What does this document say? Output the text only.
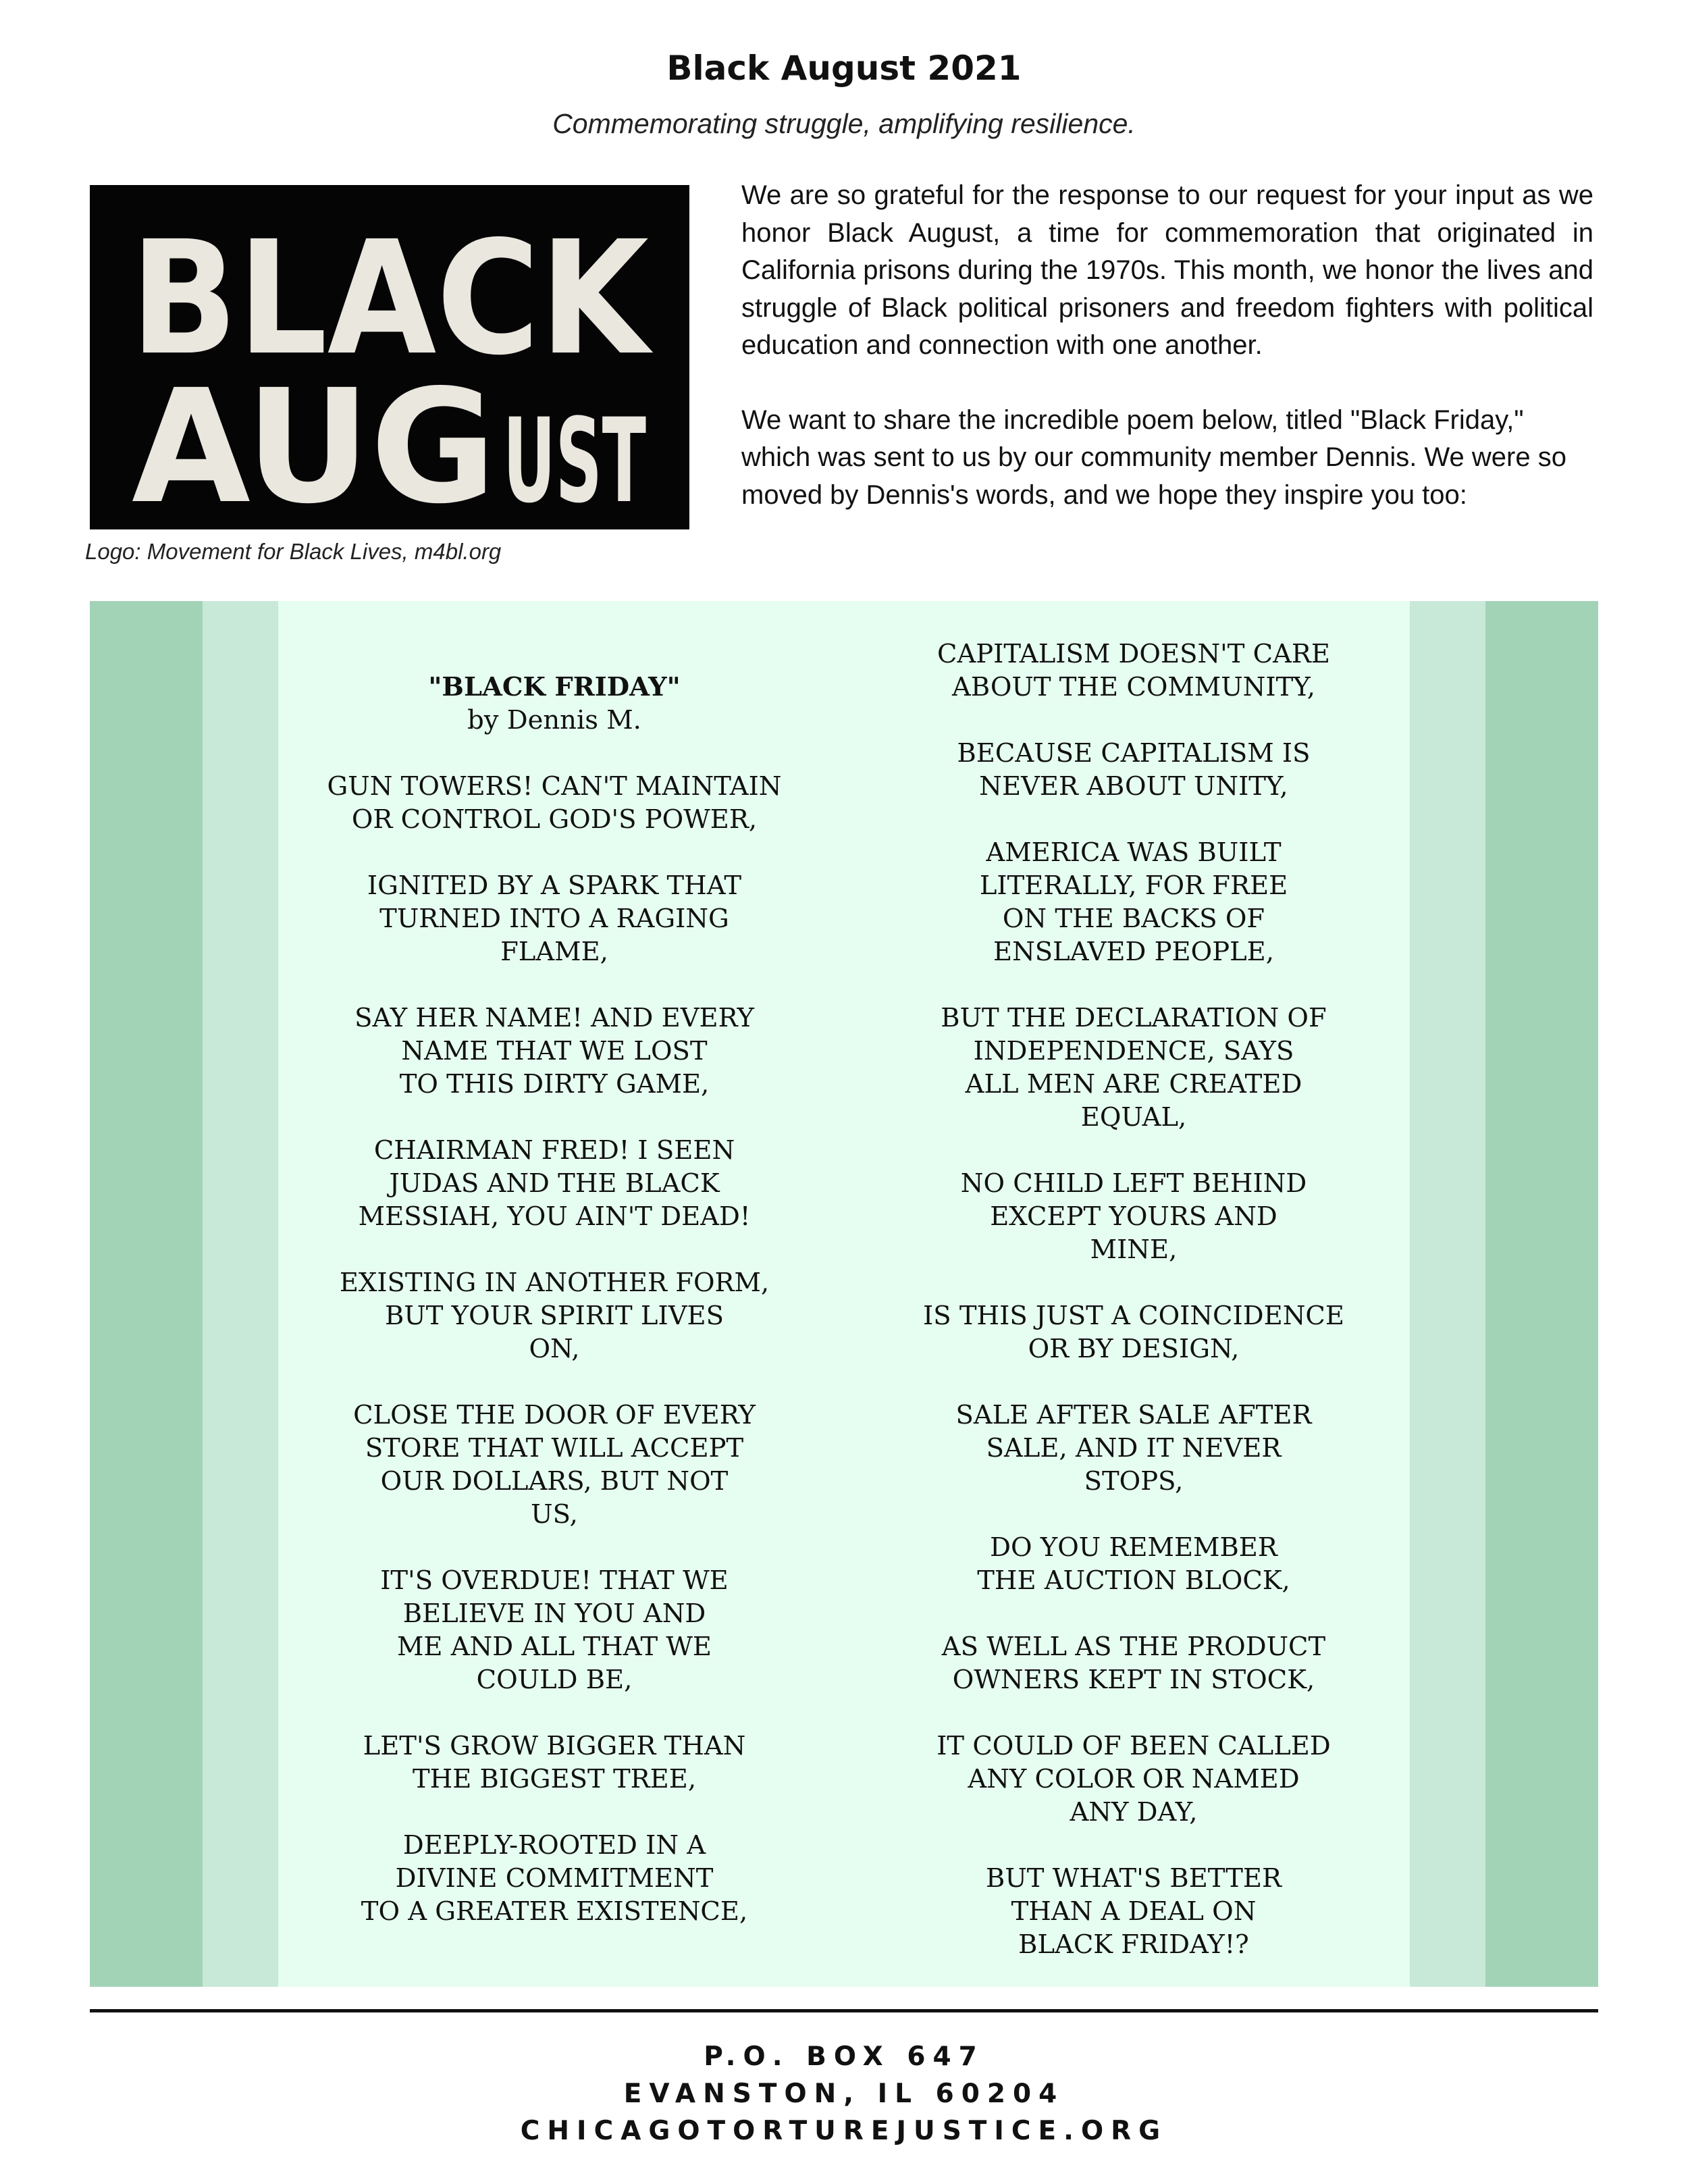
Black August 2021
Commemorating struggle, amplifying resilience.
BLACK
AUG UST
Logo: Movement for Black Lives, m4bl.org

We are so grateful for the response to our request for your input as we honor Black August, a time for commemoration that originated in California prisons during the 1970s. This month, we honor the lives and struggle of Black political prisoners and freedom fighters with political education and connection with one another.

We want to share the incredible poem below, titled "Black Friday," which was sent to us by our community member Dennis. We were so moved by Dennis's words, and we hope they inspire you too:

"BLACK FRIDAY"
by Dennis M.
GUN TOWERS! CAN'T MAINTAIN
OR CONTROL GOD'S POWER,
IGNITED BY A SPARK THAT
TURNED INTO A RAGING
FLAME,
SAY HER NAME! AND EVERY
NAME THAT WE LOST
TO THIS DIRTY GAME,
CHAIRMAN FRED! I SEEN
JUDAS AND THE BLACK
MESSIAH, YOU AIN'T DEAD!
EXISTING IN ANOTHER FORM,
BUT YOUR SPIRIT LIVES
ON,
CLOSE THE DOOR OF EVERY
STORE THAT WILL ACCEPT
OUR DOLLARS, BUT NOT
US,
IT'S OVERDUE! THAT WE
BELIEVE IN YOU AND
ME AND ALL THAT WE
COULD BE,
LET'S GROW BIGGER THAN
THE BIGGEST TREE,
DEEPLY-ROOTED IN A
DIVINE COMMITMENT
TO A GREATER EXISTENCE,
CAPITALISM DOESN'T CARE
ABOUT THE COMMUNITY,
BECAUSE CAPITALISM IS
NEVER ABOUT UNITY,
AMERICA WAS BUILT
LITERALLY, FOR FREE
ON THE BACKS OF
ENSLAVED PEOPLE,
BUT THE DECLARATION OF
INDEPENDENCE, SAYS
ALL MEN ARE CREATED
EQUAL,
NO CHILD LEFT BEHIND
EXCEPT YOURS AND
MINE,
IS THIS JUST A COINCIDENCE
OR BY DESIGN,
SALE AFTER SALE AFTER
SALE, AND IT NEVER
STOPS,
DO YOU REMEMBER
THE AUCTION BLOCK,
AS WELL AS THE PRODUCT
OWNERS KEPT IN STOCK,
IT COULD OF BEEN CALLED
ANY COLOR OR NAMED
ANY DAY,
BUT WHAT'S BETTER
THAN A DEAL ON
BLACK FRIDAY!?
P.O. BOX 647
EVANSTON, IL 60204
CHICAGOTORTUREJUSTICE.ORG
